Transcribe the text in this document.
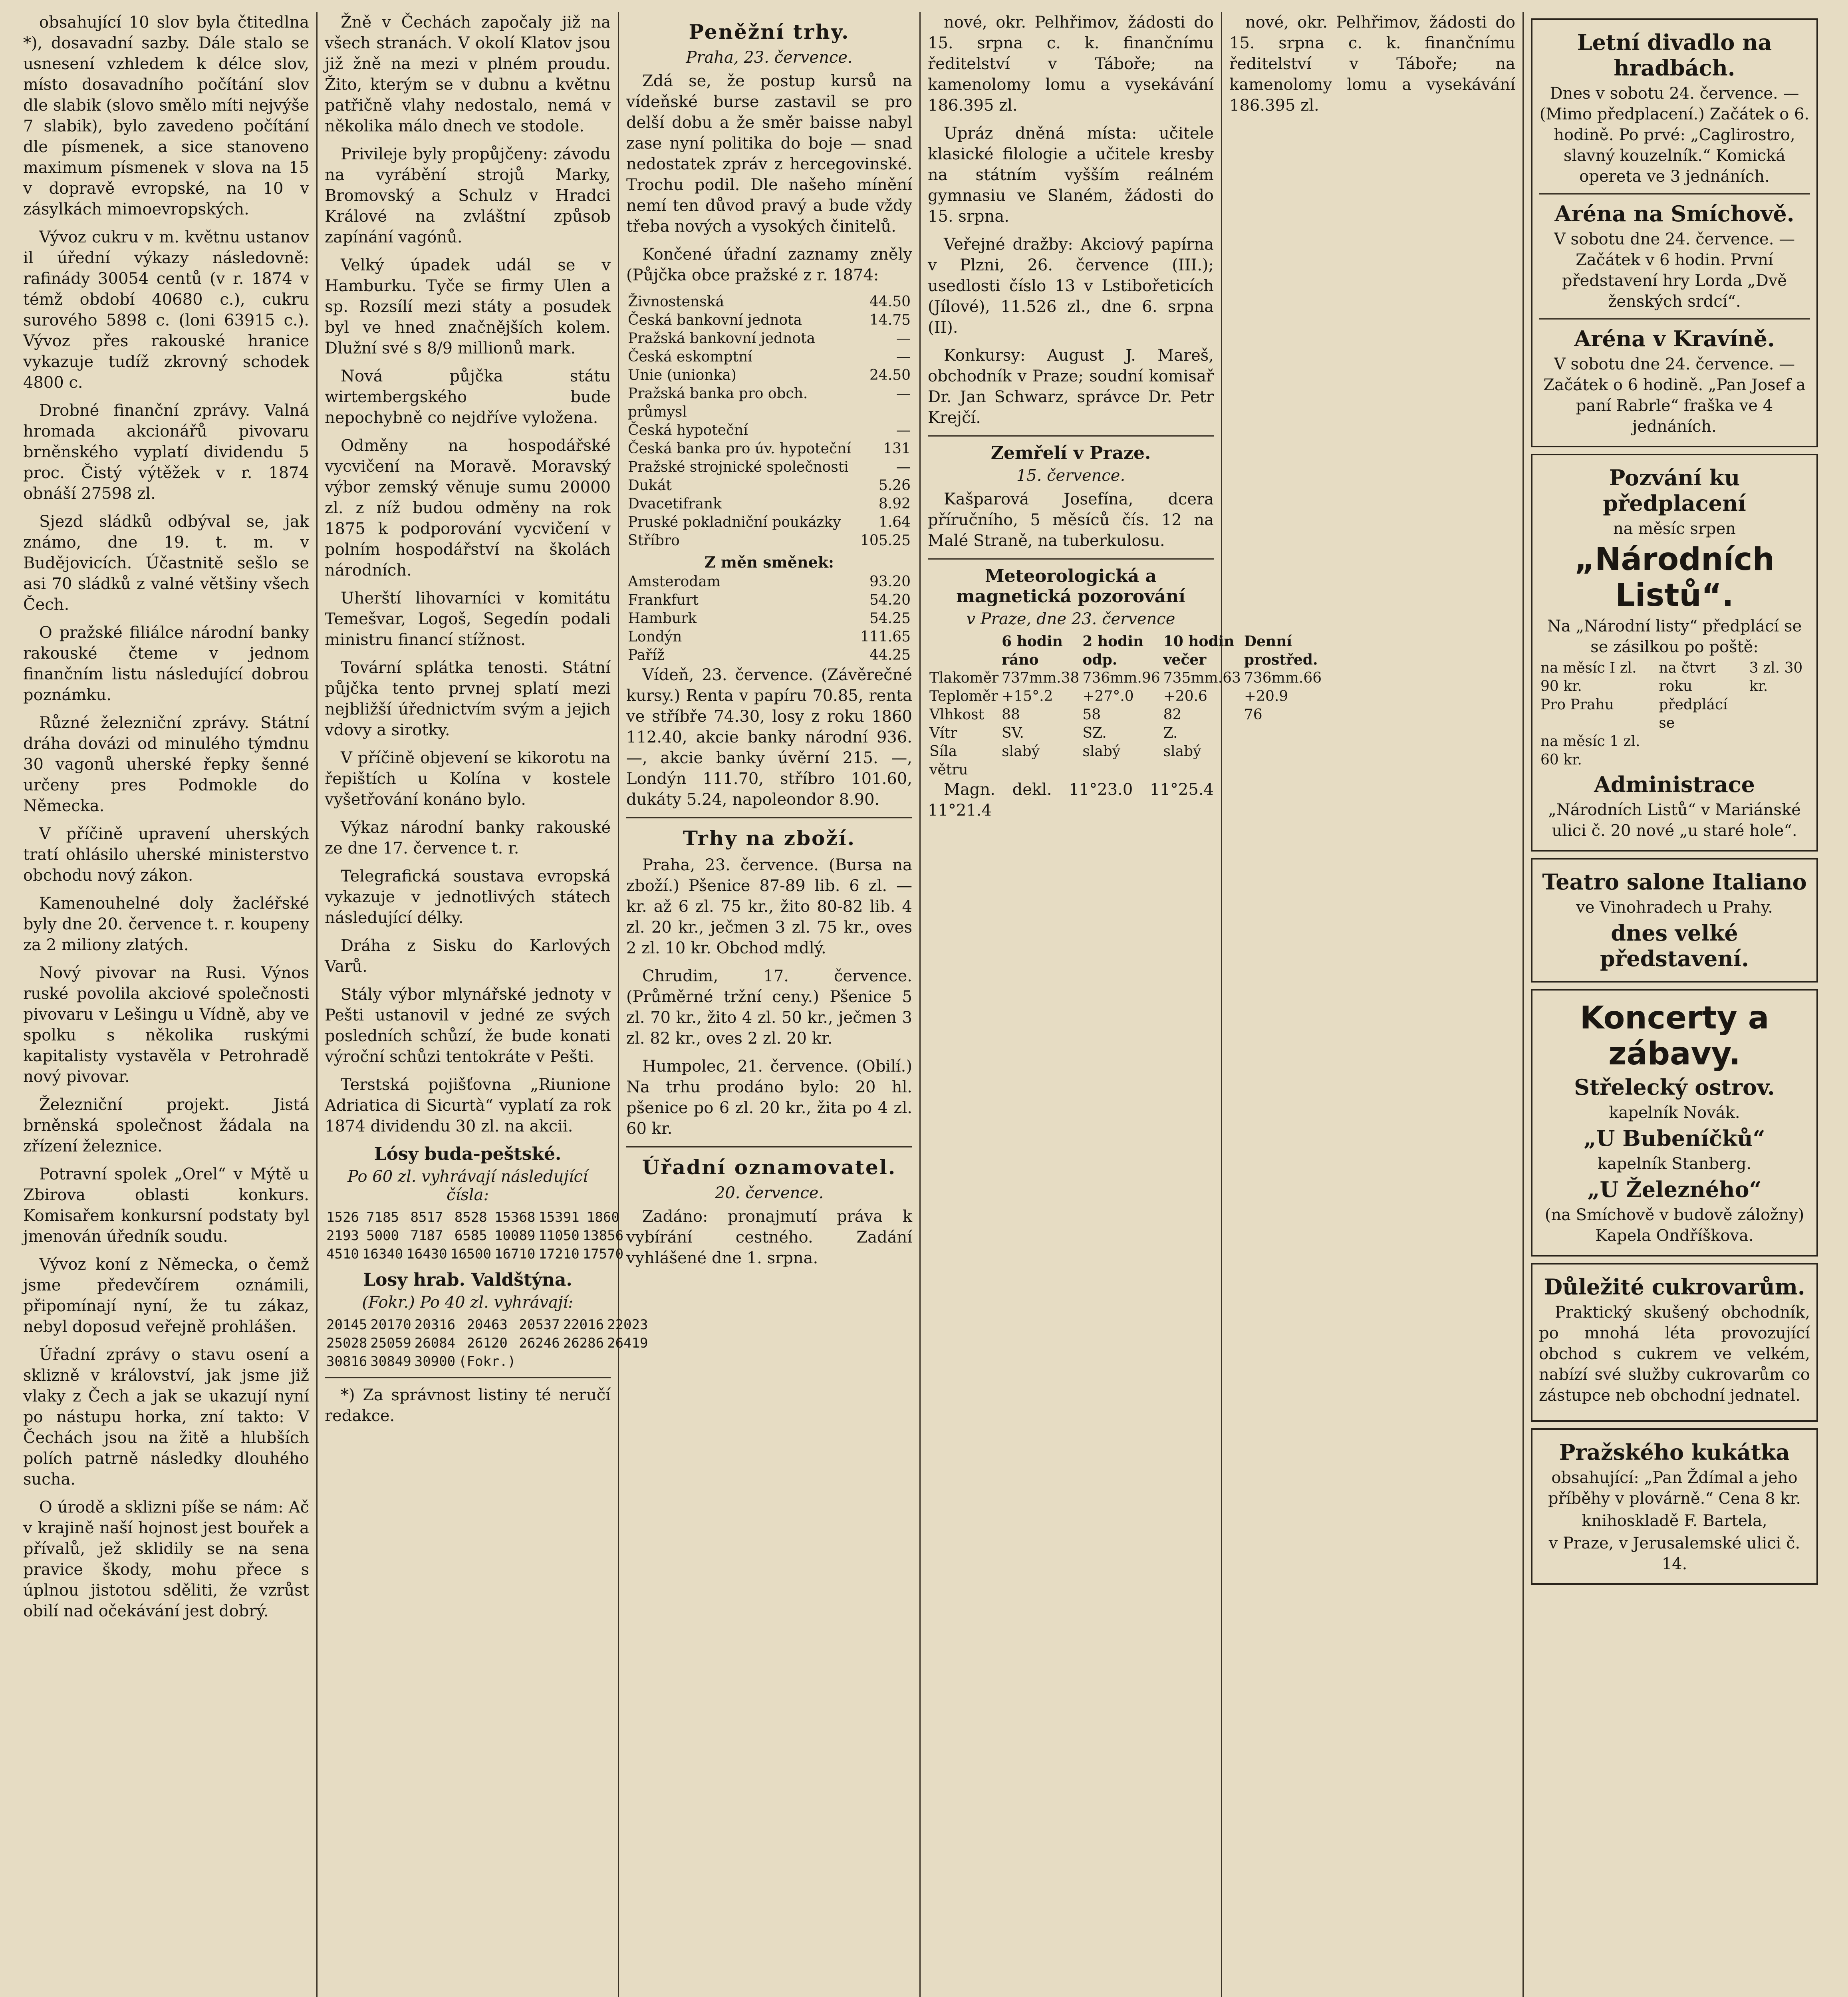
obsahující 10 slov byla čtitedlna *), dosavadní sazby. Dále stalo se usnesení vzhledem k délce slov, místo dosavadního počítání slov dle slabik (slovo smělo míti nejvýše 7 slabik), bylo zavedeno počítání dle písmenek, a sice stanoveno maximum písmenek v slova na 15 v dopravě evropské, na 10 v zásylkách mimoevropských.

Vývoz cukru v m. květnu ustanov il úřední výkazy následovně: rafinády 30054 centů (v r. 1874 v témž období 40680 c.), cukru surového 5898 c. (loni 63915 c.). Vývoz přes rakouské hranice vykazuje tudíž zkrovný schodek 4800 c.

Drobné finanční zprávy. Valná hromada akcionářů pivovaru brněnského vyplatí dividendu 5 proc. Čistý výtěžek v r. 1874 obnáší 27598 zl.

Sjezd sládků odbýval se, jak známo, dne 19. t. m. v Budějovicích. Účastnitě sešlo se asi 70 sládků z valné většiny všech Čech.

O pražské filiálce národní banky rakouské čteme v jednom finančním listu následující dobrou poznámku.

Různé železniční zprávy. Státní dráha dovázi od minulého týmdnu 30 vagonů uherské řepky šenné určeny pres Podmokle do Německa.

V příčině upravení uherských tratí ohlásilo uherské ministerstvo obchodu nový zákon.

Kamenouhelné doly žacléřské byly dne 20. července t. r. koupeny za 2 miliony zlatých.

Nový pivovar na Rusi. Výnos ruské povolila akciové společnosti pivovaru v Lešingu u Vídně, aby ve spolku s několika ruskými kapitalisty vystavěla v Petrohradě nový pivovar.

Železniční projekt. Jistá brněnská společnost žádala na zřízení železnice.

Potravní spolek „Orel“ v Mýtě u Zbirova oblasti konkurs. Komisařem konkursní podstaty byl jmenován úředník soudu.

Vývoz koní z Německa, o čemž jsme předevčírem oznámili, připomínají nyní, že tu zákaz, nebyl doposud veřejně prohlášen.

Úřadní zprávy o stavu osení a sklizně v království, jak jsme již vlaky z Čech a jak se ukazují nyní po nástupu horka, zní takto: V Čechách jsou na žitě a hlubších polích patrně následky dlouhého sucha.

O úrodě a sklizni píše se nám: Ač v krajině naší hojnost jest bouřek a přívalů, jež sklidily se na sena pravice škody, mohu přece s úplnou jistotou sděliti, že vzrůst obilí nad očekávání jest dobrý.

Žně v Čechách započaly již na všech stranách. V okolí Klatov jsou již žně na mezi v plném proudu. Žito, kterým se v dubnu a květnu patřičně vlahy nedostalo, nemá v několika málo dnech ve stodole.

Privileje byly propůjčeny: závodu na vyrábění strojů Marky, Bromovský a Schulz v Hradci Králové na zvláštní způsob zapínání vagónů.

Velký úpadek udál se v Hamburku. Tyče se firmy Ulen a sp. Rozsílí mezi státy a posudek byl ve hned značnějších kolem. Dlužní své s 8/9 millionů mark.

Nová půjčka státu wirtembergského bude nepochybně co nejdříve vyložena.

Odměny na hospodářské vycvičení na Moravě. Moravský výbor zemský věnuje sumu 20000 zl. z níž budou odměny na rok 1875 k podporování vycvičení v polním hospodářství na školách národních.

Uherští lihovarníci v komitátu Temešvar, Logoš, Segedín podali ministru financí stížnost.

Tovární splátka tenosti. Státní půjčka tento prvnej splatí mezi nejbližší úřednictvím svým a jejich vdovy a sirotky.

V příčině objevení se kikorotu na řepištích u Kolína v kostele vyšetřování konáno bylo.

Výkaz národní banky rakouské ze dne 17. července t. r.

Telegrafická soustava evropská vykazuje v jednotlivých státech následující délky.

Dráha z Sisku do Karlových Varů.

Stály výbor mlynářské jednoty v Pešti ustanovil v jedné ze svých posledních schůzí, že bude konati výroční schůzi tentokráte v Pešti.

Terstská pojišťovna „Riunione Adriatica di Sicurtà“ vyplatí za rok 1874 dividendu 30 zl. na akcii.

Lósy buda-peštské.
Po 60 zl. vyhrávají následující čísla:
1526	7185	8517	8528	15368	15391	1860
2193	5000	7187	6585	10089	11050	13856
4510	16340	16430	16500	16710	17210	17570
Losy hrab. Valdštýna.
(Fokr.) Po 40 zl. vyhrávají:
20145	20170	20316	20463	20537	22016	22023
25028	25059	26084	26120	26246	26286	26419
30816	30849	30900	(Fokr.)			

*) Za správnost listiny té neručí redakce.

Peněžní trhy.
Praha, 23. července.

Zdá se, že postup kursů na vídeňské burse zastavil se pro delší dobu a že směr baisse nabyl zase nyní politika do boje — snad nedostatek zpráv z hercegovinské. Trochu podil. Dle našeho mínění nemí ten důvod pravý a bude vždy třeba nových a vysokých činitelů.

Končené úřadní zaznamy zněly (Půjčka obce pražské z r. 1874:

Živnostenská	44.50
Česká bankovní jednota	14.75
Pražská bankovní jednota	—
Česká eskomptní	—
Unie (unionka)	24.50
Pražská banka pro obch. průmysl	—
Česká hypoteční	—
Česká banka pro úv. hypoteční	131
Pražské strojnické společnosti	—
Dukát	5.26
Dvacetifrank	8.92
Pruské pokladniční poukázky	1.64
Stříbro	105.25
Z měn směnek:
Amsterodam	93.20
Frankfurt	54.20
Hamburk	54.25
Londýn	111.65
Paříž	44.25

Vídeň, 23. července. (Závěrečné kursy.) Renta v papíru 70.85, renta ve stříbře 74.30, losy z roku 1860 112.40, akcie banky národní 936. —, akcie banky úvěrní 215. —, Londýn 111.70, stříbro 101.60, dukáty 5.24, napoleondor 8.90.

Trhy na zboží.

Praha, 23. července. (Bursa na zboží.) Pšenice 87-89 lib. 6 zl. — kr. až 6 zl. 75 kr., žito 80-82 lib. 4 zl. 20 kr., ječmen 3 zl. 75 kr., oves 2 zl. 10 kr. Obchod mdlý.

Chrudim, 17. července. (Průměrné tržní ceny.) Pšenice 5 zl. 70 kr., žito 4 zl. 50 kr., ječmen 3 zl. 82 kr., oves 2 zl. 20 kr.

Humpolec, 21. července. (Obilí.) Na trhu prodáno bylo: 20 hl. pšenice po 6 zl. 20 kr., žita po 4 zl. 60 kr.

Úřadní oznamovatel.
20. července.

Zadáno: pronajmutí práva k vybírání cestného. Zadání vyhlášené dne 1. srpna.

nové, okr. Pelhřimov, žádosti do 15. srpna c. k. finančnímu ředitelství v Táboře; na kamenolomy lomu a vysekávání 186.395 zl.

Upráz dněná místa: učitele klasické filologie a učitele kresby na státním vyšším reálném gymnasiu ve Slaném, žádosti do 15. srpna.

Veřejné dražby: Akciový papírna v Plzni, 26. července (III.); usedlosti číslo 13 v Lstibořeticích (Jílové), 11.526 zl., dne 6. srpna (II).

Konkursy: August J. Mareš, obchodník v Praze; soudní komisař Dr. Jan Schwarz, správce Dr. Petr Krejčí.

Zemřelí v Praze.
15. července.

Kašparová Josefína, dcera příručního, 5 měsíců čís. 12 na Malé Straně, na tuberkulosu.

Meteorologická a magnetická pozorování
v Praze, dne 23. července
	6 hodin ráno	2 hodin odp.	10 hodin večer	Denní prostřed.
Tlakoměr	737mm.38	736mm.96	735mm.63	736mm.66
Teploměr	+15°.2	+27°.0	+20.6	+20.9
Vlhkost	88	58	82	76
Vítr	SV.	SZ.	Z.	
Síla větru	slabý	slabý	slabý	

Magn. dekl. 11°23.0 11°25.4 11°21.4

nové, okr. Pelhřimov, žádosti do 15. srpna c. k. finančnímu ředitelství v Táboře; na kamenolomy lomu a vysekávání 186.395 zl.

Letní divadlo na hradbách.
Dnes v sobotu 24. července. — (Mimo předplacení.) Začátek o 6. hodině. Po prvé: „Caglirostro, slavný kouzelník.“ Komická opereta ve 3 jednáních.
Aréna na Smíchově.
V sobotu dne 24. července. — Začátek v 6 hodin. První představení hry Lorda „Dvě ženských srdcí“.
Aréna v Kravíně.
V sobotu dne 24. července. — Začátek o 6 hodině. „Pan Josef a paní Rabrle“ fraška ve 4 jednáních.
Pozvání ku předplacení
na měsíc srpen
„Národních Listů“.
Na „Národní listy“ předplácí se se zásilkou po poště:
na měsíc I zl. 90 kr.	na čtvrt roku	3 zl. 30 kr.
Pro Prahu	předplácí se	
na měsíc 1 zl. 60 kr.		
Administrace
„Národních Listů“ v Mariánské ulici č. 20 nové „u staré hole“.
Teatro salone Italiano
ve Vinohradech u Prahy.
dnes velké představení.
Koncerty a zábavy.
Střelecký ostrov.
kapelník Novák.
„U Bubeníčků“
kapelník Stanberg.
„U Železného“
(na Smíchově v budově záložny) Kapela Ondříškova.
Důležité cukrovarům.

Praktický skušený obchodník, po mnohá léta provozující obchod s cukrem ve velkém, nabízí své služby cukrovarům co zástupce neb obchodní jednatel.

Pražského kukátka
obsahující: „Pan Ždímal a jeho příběhy v plovárně.“ Cena 8 kr.
knihoskladě F. Bartela,
v Praze, v Jerusalemské ulici č. 14.
